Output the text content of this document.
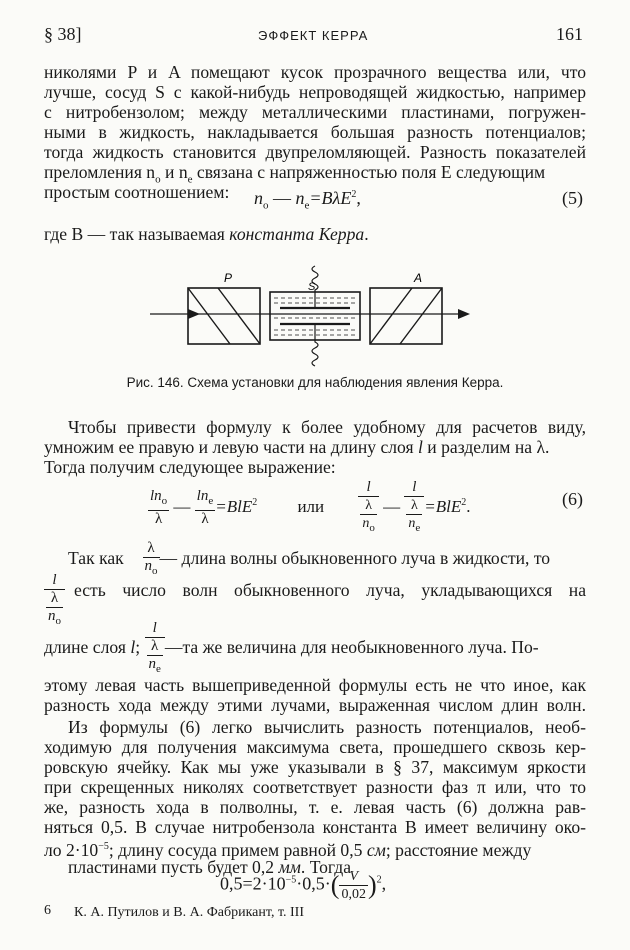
§ 38]	ЭФФЕКТ КЕРРА	161
николями P и A помещают кусок прозрачного вещества или, что
лучше, сосуд S с какой-нибудь непроводящей жидкостью, например
с нитробензолом; между металлическими пластинами, погружен-
ными в жидкость, накладывается большая разность потенциалов;
тогда жидкость становится двупреломляющей. Разность показателей
преломления $n_o$ и $n_e$ связана с напряженностью поля E следующим
простым соотношением:	$n_o$ — $n_e=B\lambda E^2$,	(5)
где B — так называемая константа Керра.
P
S
A
Рис. 146. Схема установки для наблюдения явления Керра.
Чтобы привести формулу к более удобному для расчетов виду,
умножим ее правую и левую части на длину слоя l и разделим на λ.
Тогда получим следующее выражение:
$\frac{\ln_o}{\lambda}$ — $\frac{\ln_e}{\lambda} =BlE^2$ или $\frac{l}{\frac{\lambda}{n_o}}$ — $\frac{l}{\frac{\lambda}{n_e}} =BlE^2$.	(6)
Так как $\frac{\lambda}{n_o}$ — длина волны обыкновенного луча в жидкости, то
$\frac{l}{\frac{\lambda}{n_o}}$ есть число волн обыкновенного луча, укладывающихся на
длине слоя l; $\frac{l}{\frac{\lambda}{n_e}}$ —та же величина для необыкновенного луча. По-
этому левая часть вышеприведенной формулы есть не что иное, как
разность хода между этими лучами, выраженная числом длин волн.
Из формулы (6) легко вычислить разность потенциалов, необ-
ходимую для получения максимума света, прошедшего сквозь кер-
ровскую ячейку. Как мы уже указывали в § 37, максимум яркости
при скрещенных николях соответствует разности фаз π или, что то
же, разность хода в полволны, т. е. левая часть (6) должна рав-
няться 0,5. В случае нитробензола константа B имеет величину око-
ло $2\cdot 10^{-5}$; длину сосуда примем равной 0,5 см; расстояние между
пластинами пусть будет 0,2 мм. Тогда
$0,5=2\cdot 10^{-5}\cdot 0,5\cdot( \frac{V}{0,02} )^2$,
6 К. А. Путилов и В. А. Фабрикант, т. III
